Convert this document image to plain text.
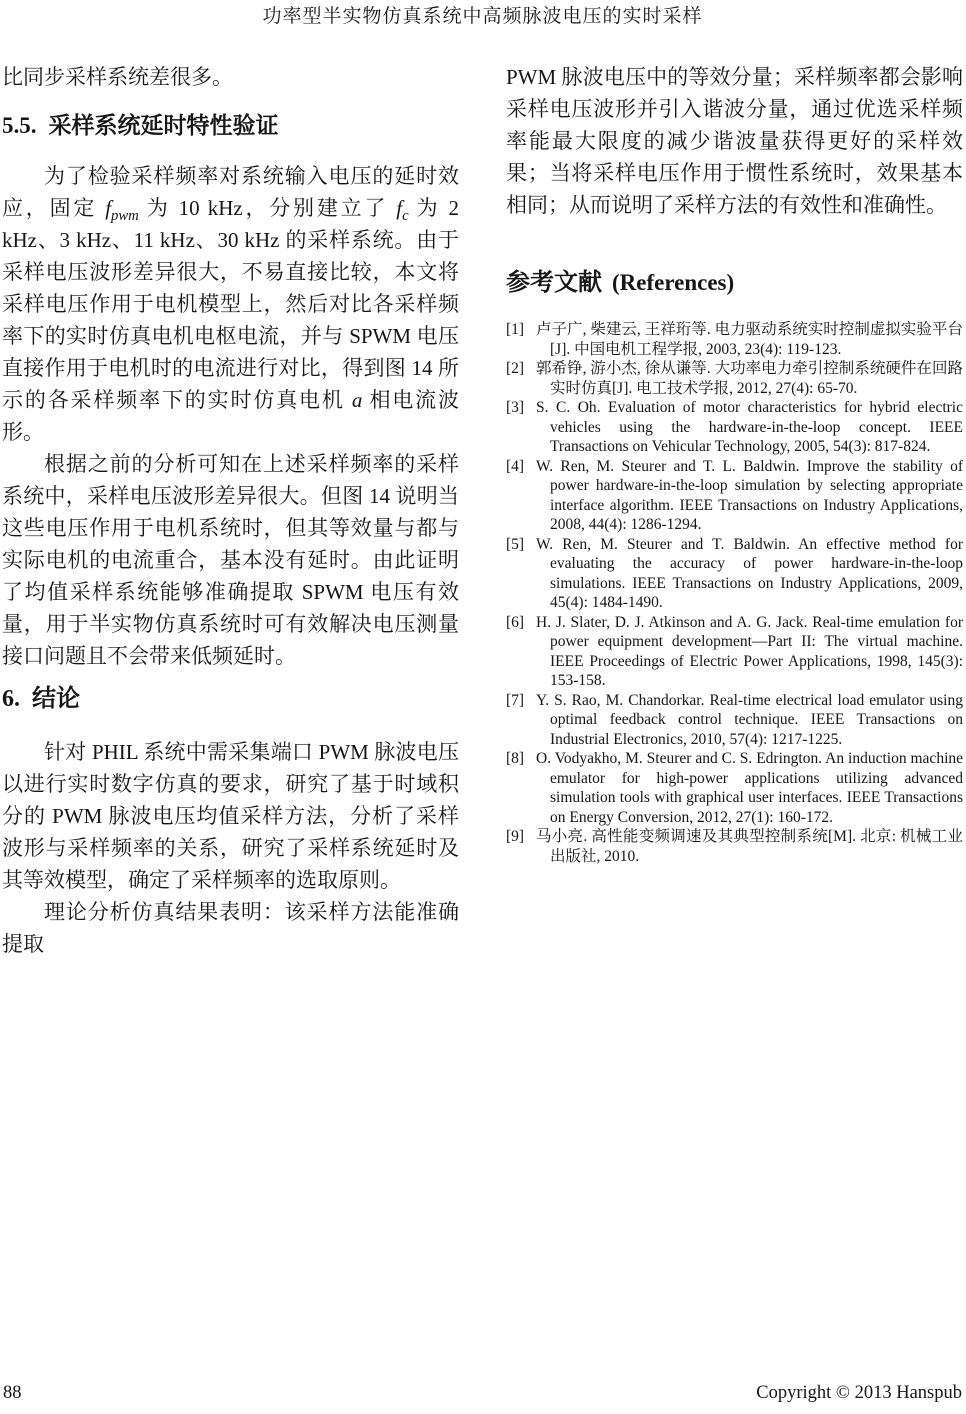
功率型半实物仿真系统中高频脉波电压的实时采样

比同步采样系统差很多。

5.5. 采样系统延时特性验证

为了检验采样频率对系统输入电压的延时效应，固定 $f_{pwm}$ 为 10 kHz，分别建立了 $f_c$ 为 2 kHz、3 kHz、11 kHz、30 kHz 的采样系统。由于采样电压波形差异很大，不易直接比较，本文将采样电压作用于电机模型上，然后对比各采样频率下的实时仿真电机电枢电流，并与 SPWM 电压直接作用于电机时的电流进行对比，得到图 14 所示的各采样频率下的实时仿真电机 a 相电流波形。

根据之前的分析可知在上述采样频率的采样系统中，采样电压波形差异很大。但图 14 说明当这些电压作用于电机系统时，但其等效量与都与实际电机的电流重合，基本没有延时。由此证明了均值采样系统能够准确提取 SPWM 电压有效量，用于半实物仿真系统时可有效解决电压测量接口问题且不会带来低频延时。

6. 结论

针对 PHIL 系统中需采集端口 PWM 脉波电压以进行实时数字仿真的要求，研究了基于时域积分的 PWM 脉波电压均值采样方法，分析了采样波形与采样频率的关系，研究了采样系统延时及其等效模型，确定了采样频率的选取原则。

理论分析仿真结果表明：该采样方法能准确提取

PWM 脉波电压中的等效分量；采样频率都会影响采样电压波形并引入谐波分量，通过优选采样频率能最大限度的减少谐波量获得更好的采样效果；当将采样电压作用于惯性系统时，效果基本相同；从而说明了采样方法的有效性和准确性。

参考文献 (References)
[1] 卢子广, 柴建云, 王祥珩等. 电力驱动系统实时控制虚拟实验平台[J]. 中国电机工程学报, 2003, 23(4): 119-123.
[2] 郭希铮, 游小杰, 徐从谦等. 大功率电力牵引控制系统硬件在回路实时仿真[J]. 电工技术学报, 2012, 27(4): 65-70.
[3] S. C. Oh. Evaluation of motor characteristics for hybrid electric vehicles using the hardware-in-the-loop concept. IEEE Transactions on Vehicular Technology, 2005, 54(3): 817-824.
[4] W. Ren, M. Steurer and T. L. Baldwin. Improve the stability of power hardware-in-the-loop simulation by selecting appropriate interface algorithm. IEEE Transactions on Industry Applications, 2008, 44(4): 1286-1294.
[5] W. Ren, M. Steurer and T. Baldwin. An effective method for evaluating the accuracy of power hardware-in-the-loop simulations. IEEE Transactions on Industry Applications, 2009, 45(4): 1484-1490.
[6] H. J. Slater, D. J. Atkinson and A. G. Jack. Real-time emulation for power equipment development—Part II: The virtual machine. IEEE Proceedings of Electric Power Applications, 1998, 145(3): 153-158.
[7] Y. S. Rao, M. Chandorkar. Real-time electrical load emulator using optimal feedback control technique. IEEE Transactions on Industrial Electronics, 2010, 57(4): 1217-1225.
[8] O. Vodyakho, M. Steurer and C. S. Edrington. An induction machine emulator for high-power applications utilizing advanced simulation tools with graphical user interfaces. IEEE Transactions on Energy Conversion, 2012, 27(1): 160-172.
[9] 马小亮. 高性能变频调速及其典型控制系统[M]. 北京: 机械工业出版社, 2010.
88	Copyright © 2013 Hanspub
